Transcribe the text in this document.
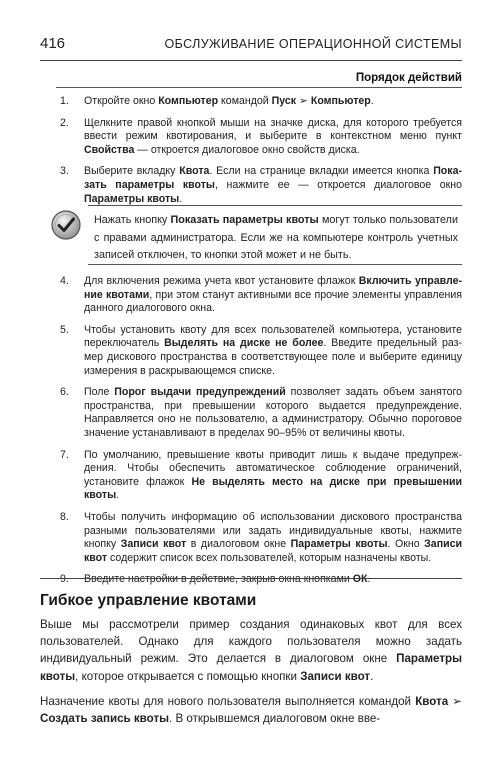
416	ОБСЛУЖИВАНИЕ ОПЕРАЦИОННОЙ СИСТЕМЫ
Порядок действий
1. Откройте окно Компьютер командой Пуск ➢ Компьютер.
2. Щелкните правой кнопкой мыши на значке диска, для которого требуется ввести режим квотирования, и выберите в контекстном меню пункт Свойства — откроется диалоговое окно свойств диска.
3. Выберите вкладку Квота. Если на странице вкладки имеется кнопка Показать параметры квоты, нажмите ее — откроется диалоговое окно Параметры квоты.
Нажать кнопку Показать параметры квоты могут только пользователи с правами администратора. Если же на компьютере контроль учетных записей отключен, то кнопки этой может и не быть.
4. Для включения режима учета квот установите флажок Включить управление квотами, при этом станут активными все прочие элементы управления данного диалогового окна.
5. Чтобы установить квоту для всех пользователей компьютера, установите переключатель Выделять на диске не более. Введите предельный размер дискового пространства в соответствующее поле и выберите единицу измерения в раскрывающемся списке.
6. Поле Порог выдачи предупреждений позволяет задать объем занятого пространства, при превышении которого выдается предупреждение. Направляется оно не пользователю, а администратору. Обычно пороговое значение устанавливают в пределах 90–95% от величины квоты.
7. По умолчанию, превышение квоты приводит лишь к выдаче предупреждения. Чтобы обеспечить автоматическое соблюдение ограничений, установите флажок Не выделять место на диске при превышении квоты.
8. Чтобы получить информацию об использовании дискового пространства разными пользователями или задать индивидуальные квоты, нажмите кнопку Записи квот в диалоговом окне Параметры квоты. Окно Записи квот содержит список всех пользователей, которым назначены квоты.
9. Введите настройки в действие, закрыв окна кнопками ОК.
Гибкое управление квотами

Выше мы рассмотрели пример создания одинаковых квот для всех пользователей. Однако для каждого пользователя можно задать индивидуальный режим. Это делается в диалоговом окне Параметры квоты, которое открывается с помощью кнопки Записи квот.

Назначение квоты для нового пользователя выполняется командой Квота ➢ Создать запись квоты. В открывшемся диалоговом окне вве-
